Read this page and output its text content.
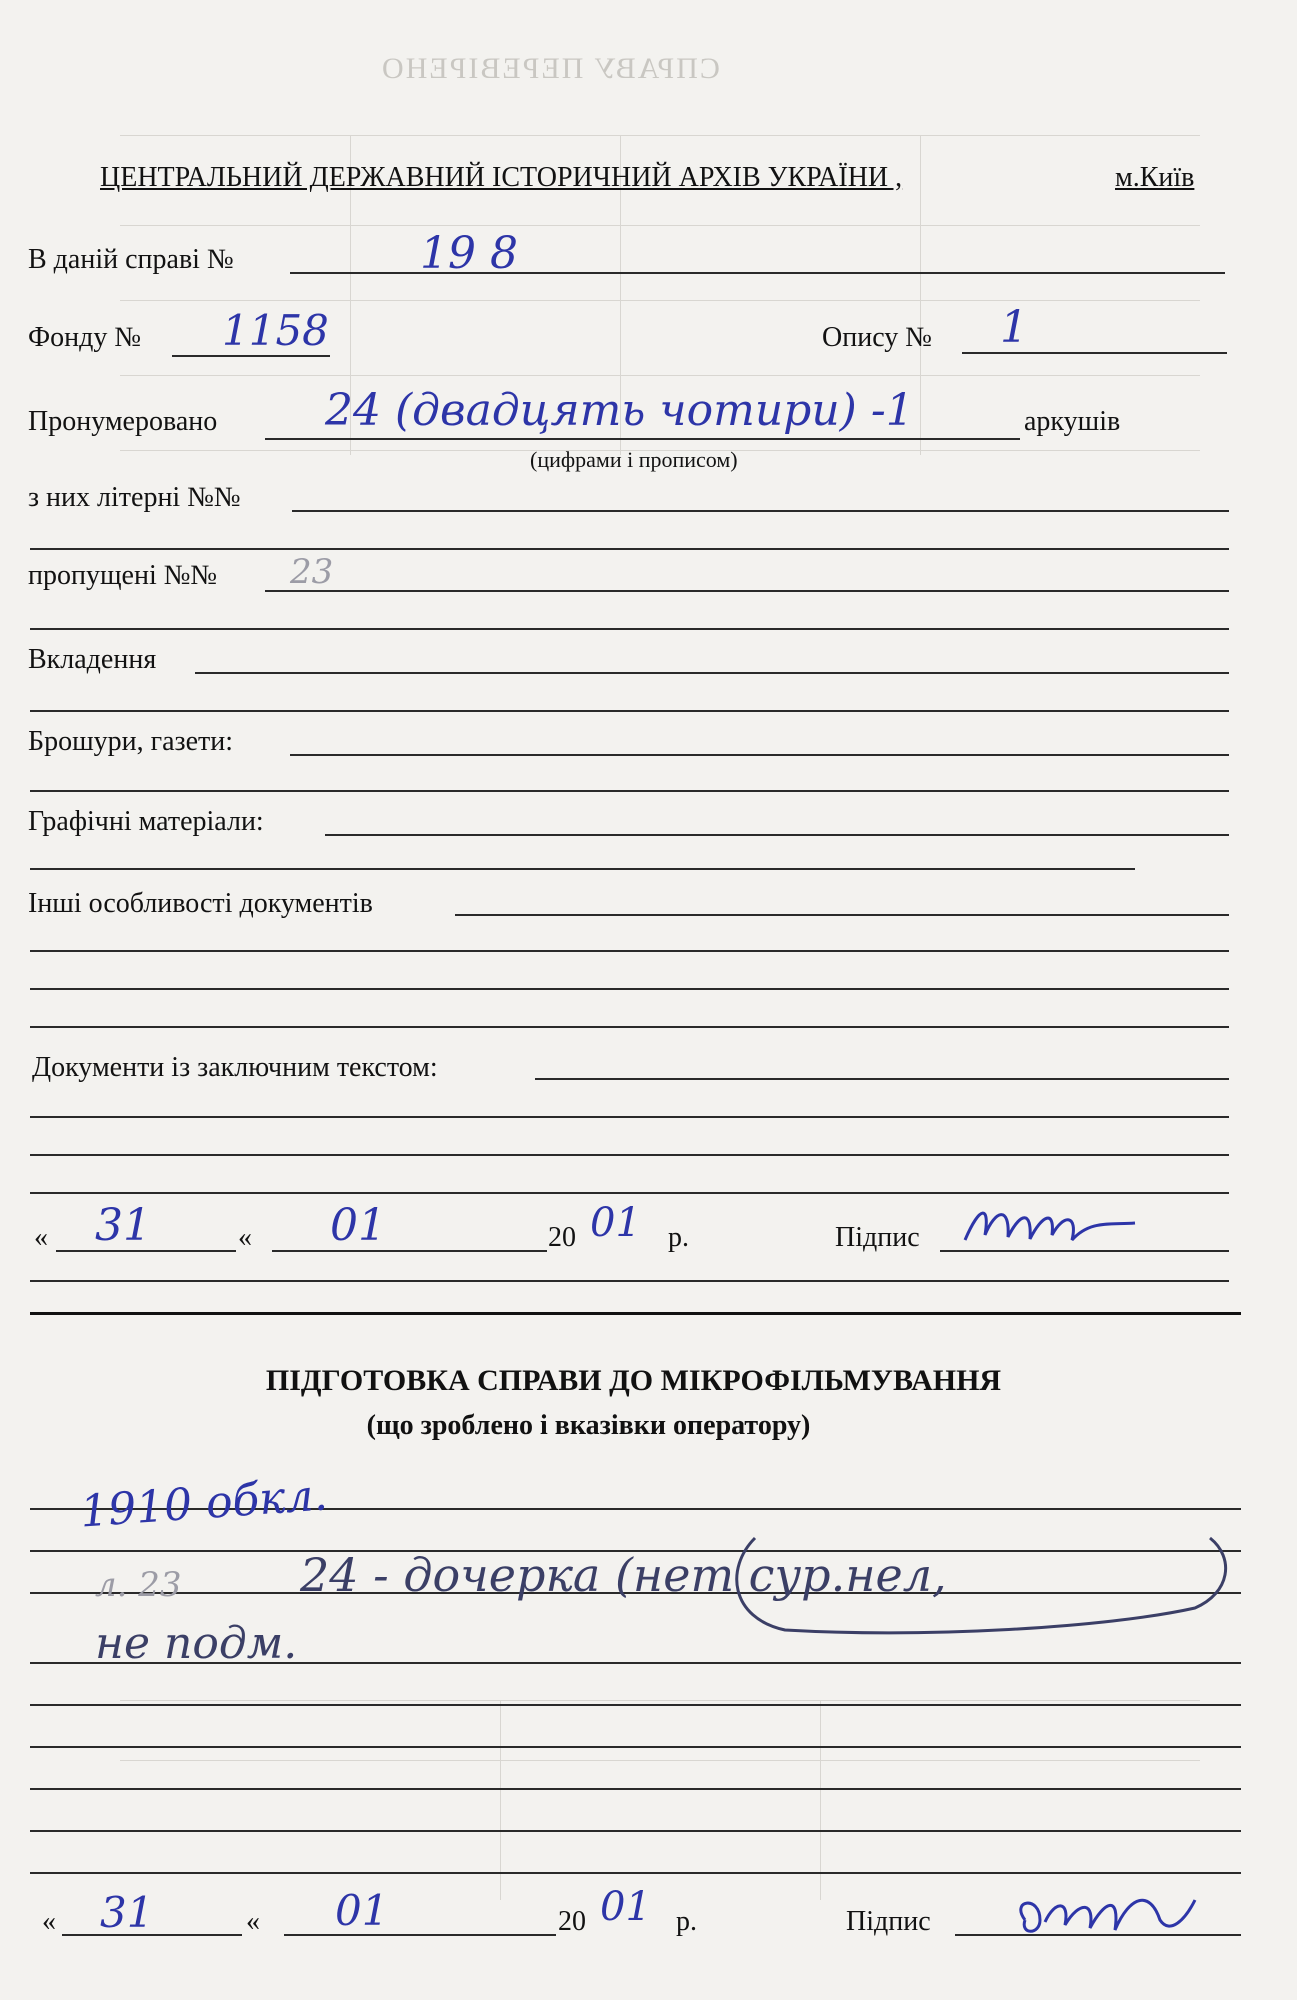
СПРАВУ ПЕРЕВІРЕНО
ЦЕНТРАЛЬНИЙ ДЕРЖАВНИЙ ІСТОРИЧНИЙ АРХІВ УКРАЇНИ ,	м.Київ
В даній справі №	19 8
Фонду № 1158	Опису № 1
Пронумеровано 24 (двадцять чотири) -1	аркушів
(цифрами і прописом)
з них літерні №№
пропущені №№ 23
Вкладення
Брошури, газети:
Графічні матеріали:
Інші особливості документів
Документи із заключним текстом:
« 31	« 01	20 01 р.	Підпис
ПІДГОТОВКА СПРАВИ ДО МІКРОФІЛЬМУВАННЯ
(що зроблено і вказівки оператору)
1910 обкл.
л. 23	24 - дочерка (нет сур.нел,
не подм.
« 31	« 01	20 01 р.	Підпис
